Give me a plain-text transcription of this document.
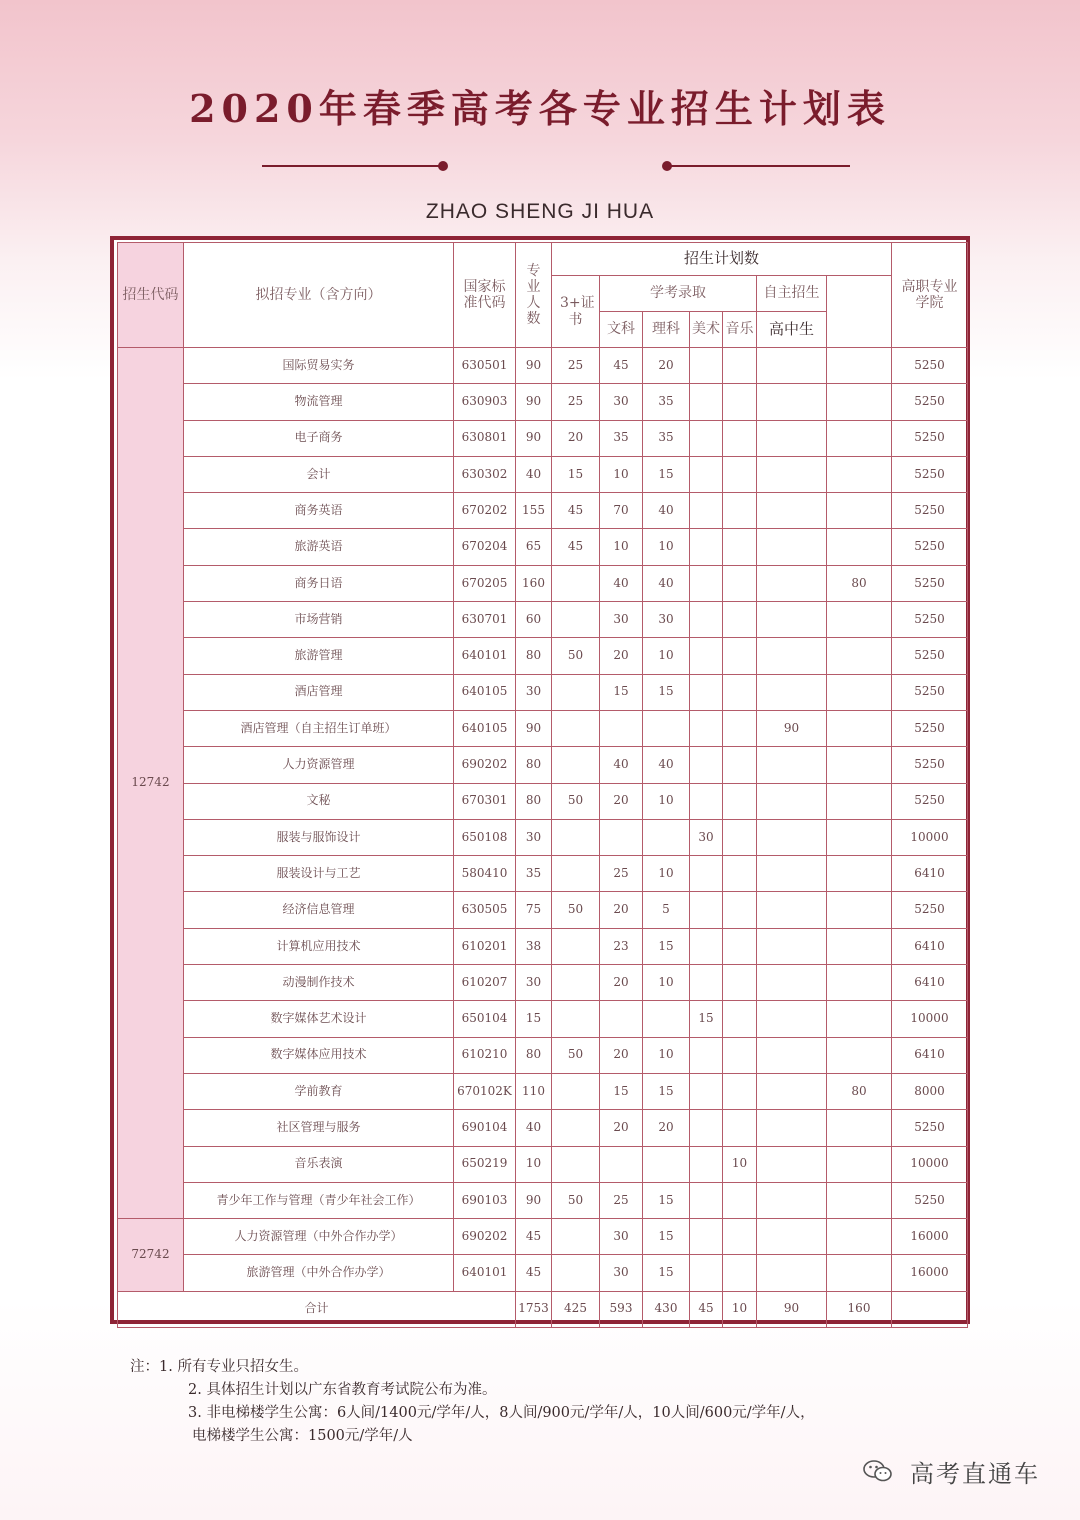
2020年春季高考各专业招生计划表
ZHAO SHENG JI HUA
招生代码	拟招专业（含方向）	国家标准代码	专业人数	招生计划数							高职专业学院	
				3+证书	学考录取				自主招生			
					文科	理科	美术	音乐	高中生			
12742	国际贸易实务	630501	90	25	45	20					5250	
	物流管理	630903	90	25	30	35					5250	
	电子商务	630801	90	20	35	35					5250	
	会计	630302	40	15	10	15					5250	
	商务英语	670202	155	45	70	40					5250	
	旅游英语	670204	65	45	10	10					5250	
	商务日语	670205	160		40	40				80	5250	
	市场营销	630701	60		30	30					5250	
	旅游管理	640101	80	50	20	10					5250	
	酒店管理	640105	30		15	15					5250	
	酒店管理（自主招生订单班）	640105	90						90		5250	
	人力资源管理	690202	80		40	40					5250	
	文秘	670301	80	50	20	10					5250	
	服装与服饰设计	650108	30				30				10000	
	服装设计与工艺	580410	35		25	10					6410	
	经济信息管理	630505	75	50	20	5					5250	
	计算机应用技术	610201	38		23	15					6410	
	动漫制作技术	610207	30		20	10					6410	
	数字媒体艺术设计	650104	15				15				10000	
	数字媒体应用技术	610210	80	50	20	10					6410	
	学前教育	670102K	110		15	15				80	8000	
	社区管理与服务	690104	40		20	20					5250	
	音乐表演	650219	10					10			10000	
	青少年工作与管理（青少年社会工作）	690103	90	50	25	15					5250	
72742	人力资源管理（中外合作办学）	690202	45		30	15					16000	
	旅游管理（中外合作办学）	640101	45		30	15					16000	
合计			1753	425	593	430	45	10	90	160		
注：1. 所有专业只招女生。
2. 具体招生计划以广东省教育考试院公布为准。
3. 非电梯楼学生公寓：6人间/1400元/学年/人，8人间/900元/学年/人，10人间/600元/学年/人，
电梯楼学生公寓：1500元/学年/人
高考直通车
